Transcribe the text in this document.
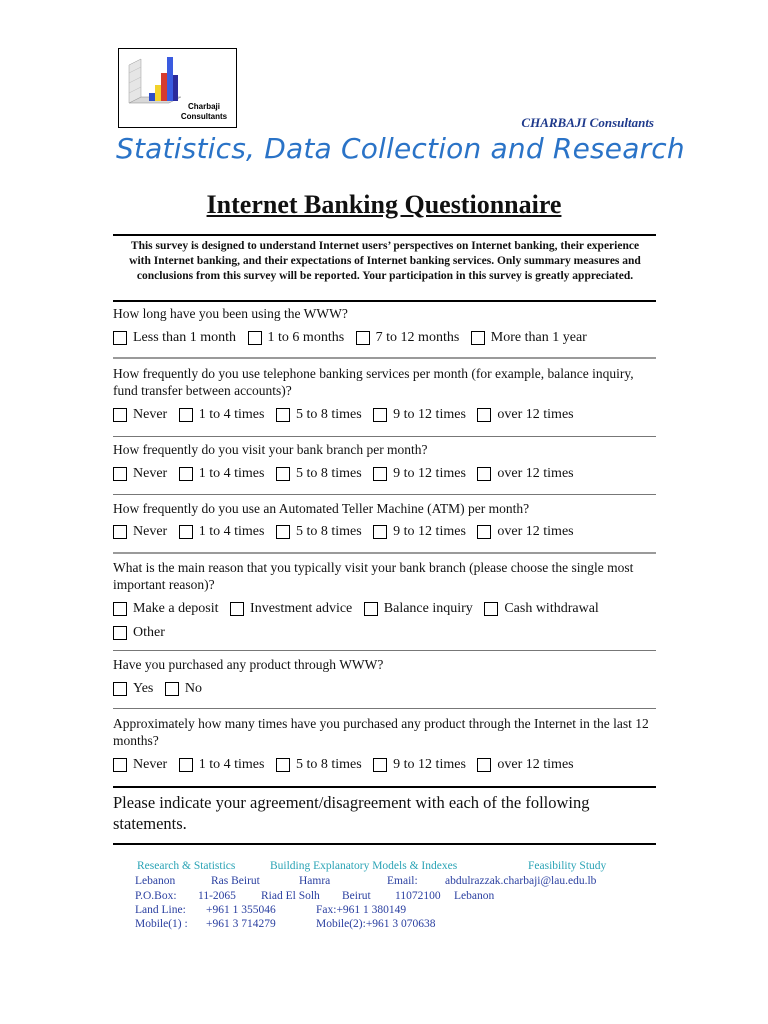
Charbaji
Consultants	CHARBAJI Consultants
Statistics, Data Collection and Research
Internet Banking Questionnaire
This survey is designed to understand Internet users’ perspectives on Internet banking, their experience with Internet banking, and their expectations of Internet banking services. Only summary measures and conclusions from this survey will be reported. Your participation in this survey is greatly appreciated.
How long have you been using the WWW?
Less than 1 month
1 to 6 months
7 to 12 months
More than 1 year
How frequently do you use telephone banking services per month (for example, balance inquiry, fund transfer between accounts)?
Never
1 to 4 times
5 to 8 times
9 to 12 times
over 12 times
How frequently do you visit your bank branch per month?
Never
1 to 4 times
5 to 8 times
9 to 12 times
over 12 times
How frequently do you use an Automated Teller Machine (ATM) per month?
Never
1 to 4 times
5 to 8 times
9 to 12 times
over 12 times
What is the main reason that you typically visit your bank branch (please choose the single most important reason)?
Make a deposit
Investment advice
Balance inquiry
Cash withdrawal

Other
Have you purchased any product through WWW?
Yes
No
Approximately how many times have you purchased any product through the Internet in the last 12 months?
Never
1 to 4 times
5 to 8 times
9 to 12 times
over 12 times
Please indicate your agreement/disagreement with each of the following statements.
Research & Statistics	Building Explanatory Models & Indexes	Feasibility Study
Lebanon	Ras Beirut	Hamra	Email: abdulrazzak.charbaji@lau.edu.lb
P.O.Box: 11-2065 Riad El Solh Beirut 11072100 Lebanon
Land Line: +961 1 355046	Fax:+961 1 380149
Mobile(1) : +961 3 714279	Mobile(2):+961 3 070638
